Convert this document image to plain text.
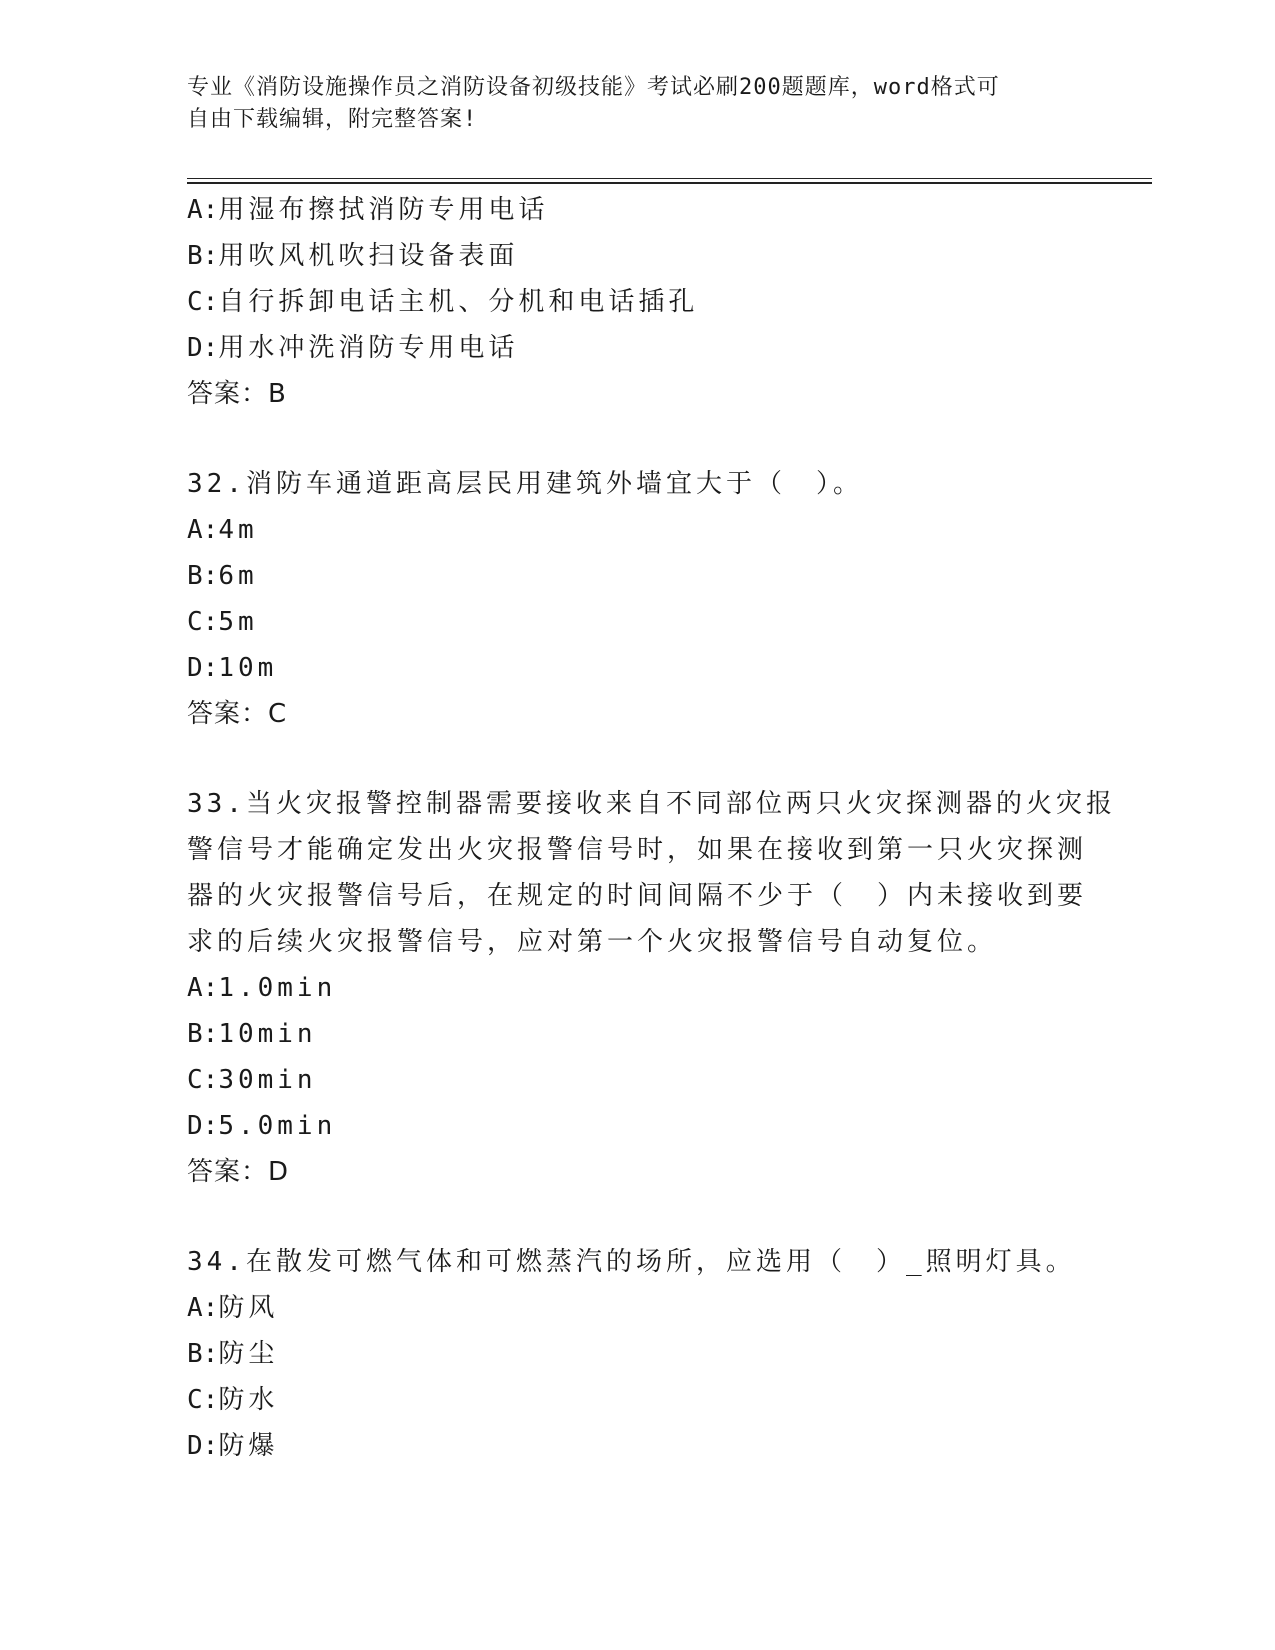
专业《消防设施操作员之消防设备初级技能》考试必刷200题题库，word格式可
自由下载编辑，附完整答案!
A:用湿布擦拭消防专用电话
B:用吹风机吹扫设备表面
C:自行拆卸电话主机、分机和电话插孔
D:用水冲洗消防专用电话
答案：B
32.消防车通道距高层民用建筑外墙宜大于（　）。
A:4m
B:6m
C:5m
D:10m
答案：C
33.当火灾报警控制器需要接收来自不同部位两只火灾探测器的火灾报
警信号才能确定发出火灾报警信号时，如果在接收到第一只火灾探测
器的火灾报警信号后，在规定的时间间隔不少于（　）内未接收到要
求的后续火灾报警信号，应对第一个火灾报警信号自动复位。
A:1.0min
B:10min
C:30min
D:5.0min
答案：D
34.在散发可燃气体和可燃蒸汽的场所，应选用（　）_照明灯具。
A:防风
B:防尘
C:防水
D:防爆
